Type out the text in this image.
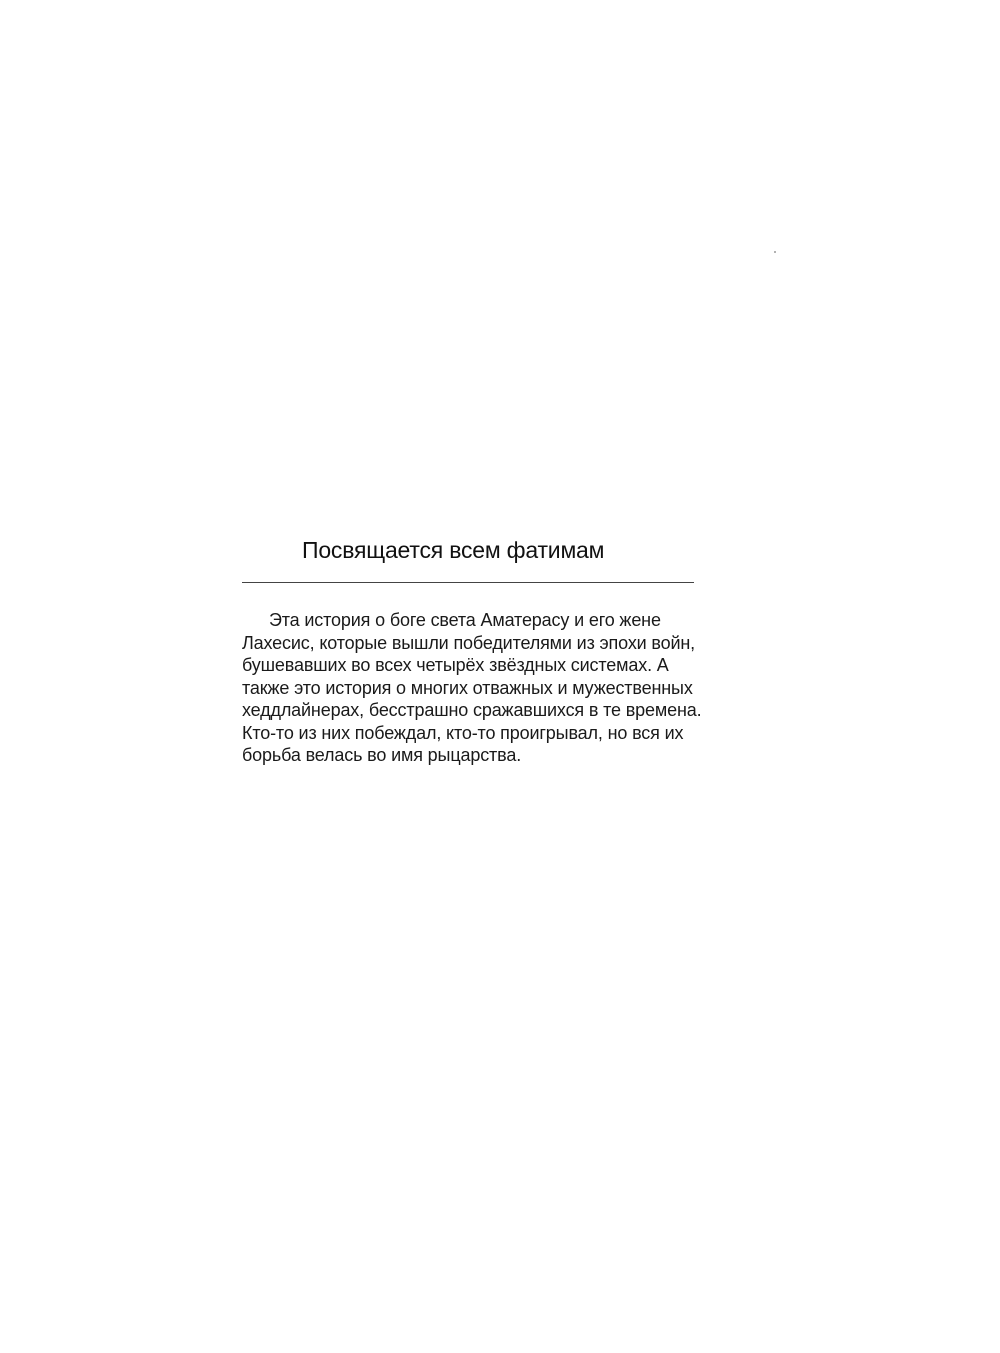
Посвящается всем фатимам

Эта история о боге света Аматерасу и его жене
Лахесис, которые вышли победителями из эпохи войн,
бушевавших во всех четырёх звёздных системах. А
также это история о многих отважных и мужественных
хеддлайнерах, бесстрашно сражавшихся в те времена.
Кто-то из них побеждал, кто-то проигрывал, но вся их
борьба велась во имя рыцарства.
